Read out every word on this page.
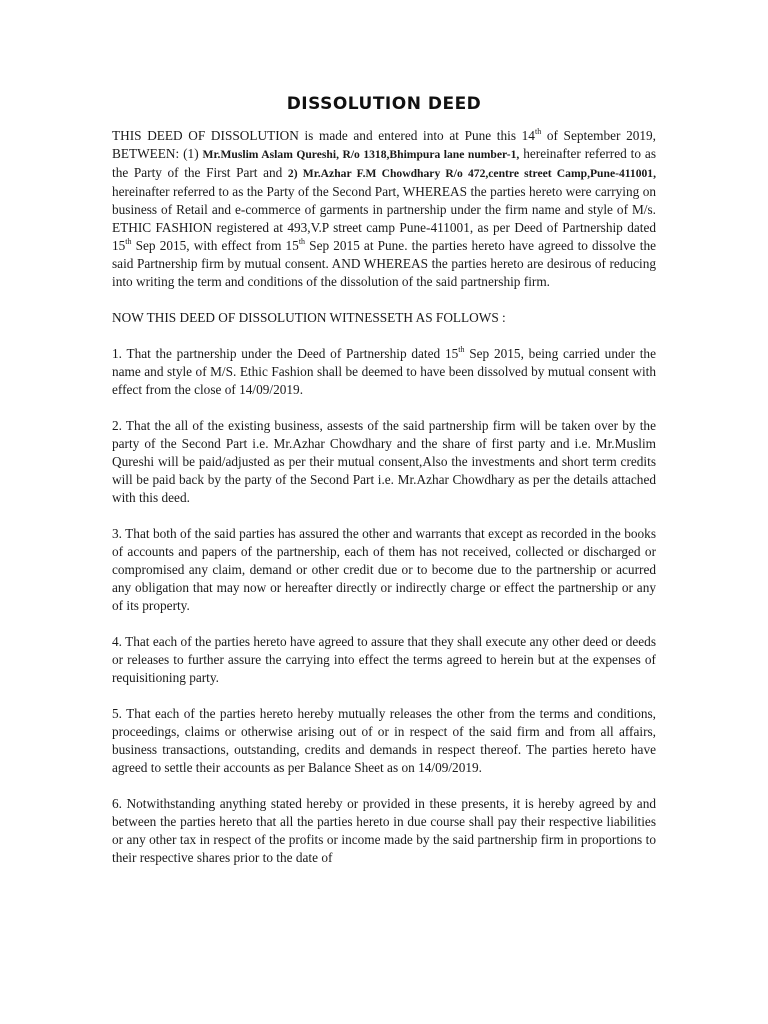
DISSOLUTION DEED

THIS DEED OF DISSOLUTION is made and entered into at Pune this 14th of September 2019, BETWEEN: (1) Mr.Muslim Aslam Qureshi, R/o 1318,Bhimpura lane number-1, hereinafter referred to as the Party of the First Part and 2) Mr.Azhar F.M Chowdhary R/o 472,centre street Camp,Pune-411001, hereinafter referred to as the Party of the Second Part, WHEREAS the parties hereto were carrying on business of Retail and e-commerce of garments in partnership under the firm name and style of M/s. ETHIC FASHION registered at 493,V.P street camp Pune-411001, as per Deed of Partnership dated 15th Sep 2015, with effect from 15th Sep 2015 at Pune. the parties hereto have agreed to dissolve the said Partnership firm by mutual consent. AND WHEREAS the parties hereto are desirous of reducing into writing the term and conditions of the dissolution of the said partnership firm.

NOW THIS DEED OF DISSOLUTION WITNESSETH AS FOLLOWS :

1. That the partnership under the Deed of Partnership dated 15th Sep 2015, being carried under the name and style of M/S. Ethic Fashion shall be deemed to have been dissolved by mutual consent with effect from the close of 14/09/2019.

2. That the all of the existing business, assests of the said partnership firm will be taken over by the party of the Second Part i.e. Mr.Azhar Chowdhary and the share of first party and i.e. Mr.Muslim Qureshi will be paid/adjusted as per their mutual consent,Also the investments and short term credits will be paid back by the party of the Second Part i.e. Mr.Azhar Chowdhary as per the details attached with this deed.

3. That both of the said parties has assured the other and warrants that except as recorded in the books of accounts and papers of the partnership, each of them has not received, collected or discharged or compromised any claim, demand or other credit due or to become due to the partnership or acurred any obligation that may now or hereafter directly or indirectly charge or effect the partnership or any of its property.

4. That each of the parties hereto have agreed to assure that they shall execute any other deed or deeds or releases to further assure the carrying into effect the terms agreed to herein but at the expenses of requisitioning party.

5. That each of the parties hereto hereby mutually releases the other from the terms and conditions, proceedings, claims or otherwise arising out of or in respect of the said firm and from all affairs, business transactions, outstanding, credits and demands in respect thereof. The parties hereto have agreed to settle their accounts as per Balance Sheet as on 14/09/2019.

6. Notwithstanding anything stated hereby or provided in these presents, it is hereby agreed by and between the parties hereto that all the parties hereto in due course shall pay their respective liabilities or any other tax in respect of the profits or income made by the said partnership firm in proportions to their respective shares prior to the date of
